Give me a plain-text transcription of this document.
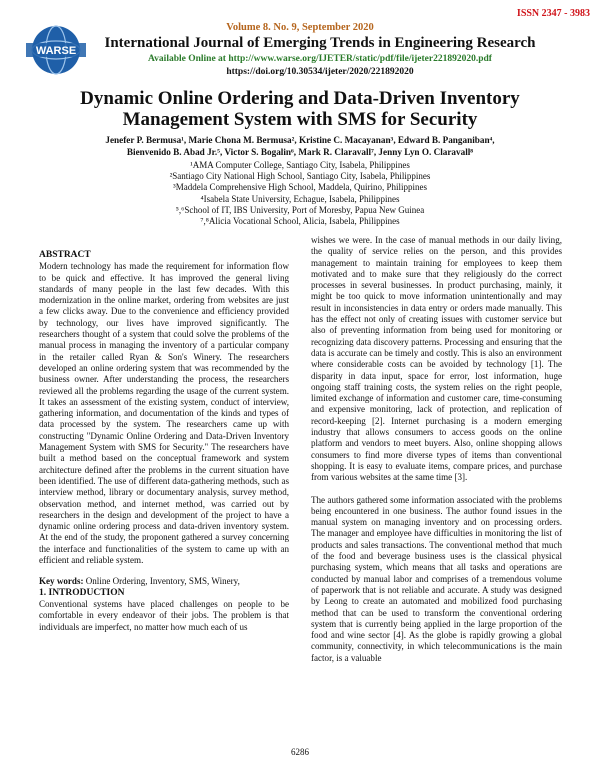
WARSE
ISSN 2347 - 3983
Volume 8. No. 9, September 2020
International Journal of Emerging Trends in Engineering Research
Available Online at http://www.warse.org/IJETER/static/pdf/file/ijeter221892020.pdf
https://doi.org/10.30534/ijeter/2020/221892020
Dynamic Online Ordering and Data-Driven Inventory
Management System with SMS for Security
Jenefer P. Bermusa¹, Marie Chona M. Bermusa², Kristine C. Macayanan³, Edward B. Panganiban⁴,
Bienvenido B. Abad Jr.⁵, Victor S. Bogalin⁶, Mark R. Claravall⁷, Jenny Lyn O. Claravall⁸
¹AMA Computer College, Santiago City, Isabela, Philippines
²Santiago City National High School, Santiago City, Isabela, Philippines
³Maddela Comprehensive High School, Maddela, Quirino, Philippines
⁴Isabela State University, Echague, Isabela, Philippines
⁵,⁶School of IT, IBS University, Port of Moresby, Papua New Guinea
⁷,⁸Alicia Vocational School, Alicia, Isabela, Philippines

ABSTRACT

Modern technology has made the requirement for information flow to be quick and effective. It has improved the general living standards of many people in the last few decades. With this modernization in the online market, ordering from websites are just a few clicks away. Due to the convenience and efficiency provided by technology, our lives have improved significantly. The researchers thought of a system that could solve the problems of the manual process in managing the inventory of a particular company in the retailer called Ryan & Son's Winery. The researchers developed an online ordering system that was recommended by the business owner. After understanding the process, the researchers reviewed all the problems regarding the usage of the current system. It takes an assessment of the existing system, conduct of interview, gathering information, and documentation of the kinds and types of data processed by the system. The researchers came up with constructing "Dynamic Online Ordering and Data-Driven Inventory Management System with SMS for Security." The researchers have built a method based on the conceptual framework and system architecture defined after the problems in the current situation have been identified. The use of different data-gathering methods, such as interview method, library or documentary analysis, survey method, observation method, and internet method, was carried out by researchers in the design and development of the project to have a dynamic online ordering process and data-driven inventory system. At the end of the study, the proponent gathered a survey concerning the interface and functionalities of the system to came up with an efficient and reliable system.

Key words: Online Ordering, Inventory, SMS, Winery,

1. INTRODUCTION

Conventional systems have placed challenges on people to be comfortable in every endeavor of their jobs. The problem is that individuals are imperfect, no matter how much each of us

wishes we were. In the case of manual methods in our daily living, the quality of service relies on the person, and this provides management to maintain training for employees to keep them motivated and to make sure that they religiously do the correct processes in several businesses. In product purchasing, mainly, it might be too quick to move information unintentionally and may result in inconsistencies in data entry or orders made manually. This has the effect not only of creating issues with customer service but also of preventing information from being used for monitoring or recognizing data discovery patterns. Processing and ensuring that the data is accurate can be timely and costly. This is also an environment where considerable costs can be avoided by technology [1]. The disparity in data input, space for error, lost information, huge ongoing staff training costs, the system relies on the right people, limited exchange of information and customer care, time-consuming and expensive monitoring, lack of protection, and replication of record-keeping [2]. Internet purchasing is a modern emerging industry that allows consumers to access goods on the online platform and vendors to meet buyers. Also, online shopping allows consumers to find more diverse types of items than conventional shopping. It is easy to evaluate items, compare prices, and purchase from various websites at the same time [3].

The authors gathered some information associated with the problems being encountered in one business. The author found issues in the manual system on managing inventory and on processing orders. The manager and employee have difficulties in monitoring the list of products and sales transactions. The conventional method that much of the food and beverage business uses is the classical physical purchasing system, which means that all tasks and operations are conducted by manual labor and comprises of a tremendous volume of paperwork that is not reliable and accurate. A study was designed by Leong to create an automated and mobilized food purchasing method that can be used to transform the conventional ordering system that is currently being applied in the large proportion of the food and wine sector [4]. As the globe is rapidly growing a global community, connectivity, in which telecommunications is the main factor, is a valuable

6286
